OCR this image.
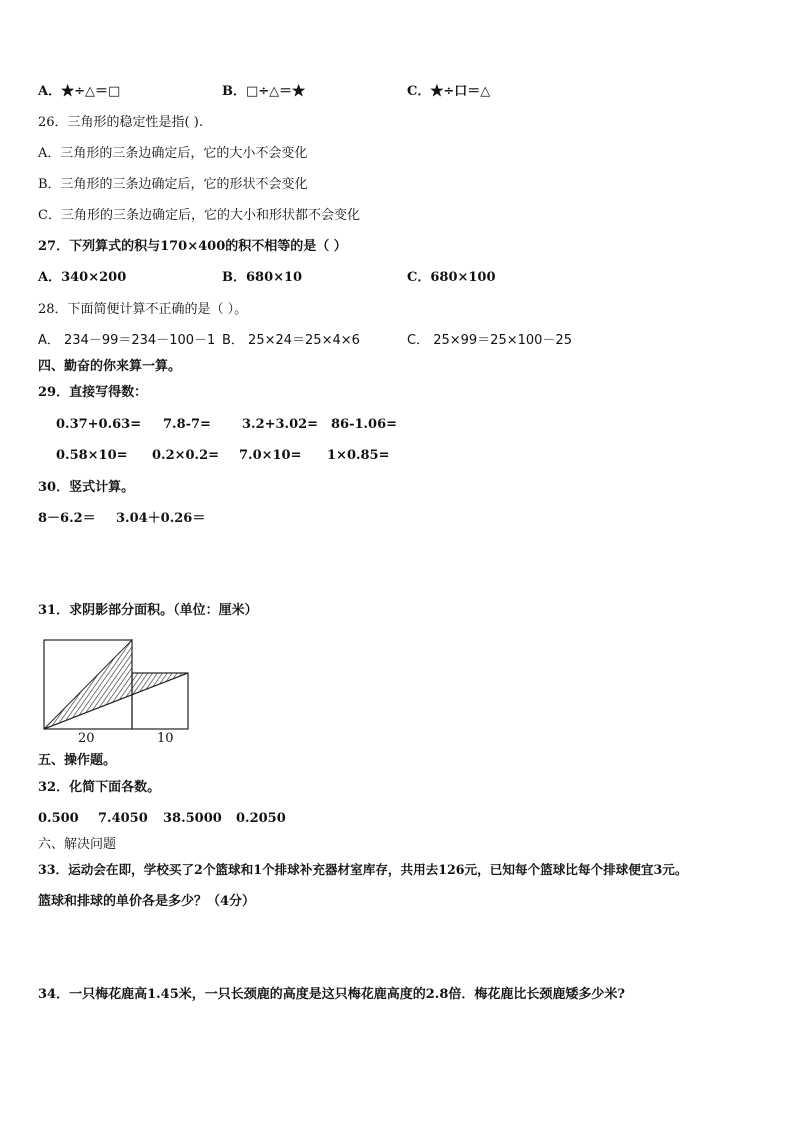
A．★÷△＝□	B．□÷△＝★	C．★÷口＝△
26．三角形的稳定性是指( ).
A．三角形的三条边确定后，它的大小不会变化
B．三角形的三条边确定后，它的形状不会变化
C．三角形的三条边确定后，它的大小和形状都不会变化
27．下列算式的积与170×400的积不相等的是（ ）
A．340×200	B．680×10	C．680×100
28．下面简便计算不正确的是（ ）。
A． 234－99＝234－100－1 B． 25×24＝25×4×6	C． 25×99＝25×100－25
四、勤奋的你来算一算。
29．直接写得数：
0.37+0.63= 7.8-7= 3.2+3.02= 86-1.06=
0.58×10= 0.2×0.2= 7.0×10= 1×0.85=
30．竖式计算。
8－6.2＝ 3.04＋0.26＝
31．求阴影部分面积。（单位：厘米）
20	10
五、操作题。
32．化简下面各数。
0.500 7.4050 38.5000 0.2050
六、解决问题
33．运动会在即，学校买了2个篮球和1个排球补充器材室库存，共用去126元，已知每个篮球比每个排球便宜3元。
篮球和排球的单价各是多少？（4分）
34．一只梅花鹿高1.45米，一只长颈鹿的高度是这只梅花鹿高度的2.8倍．梅花鹿比长颈鹿矮多少米?
